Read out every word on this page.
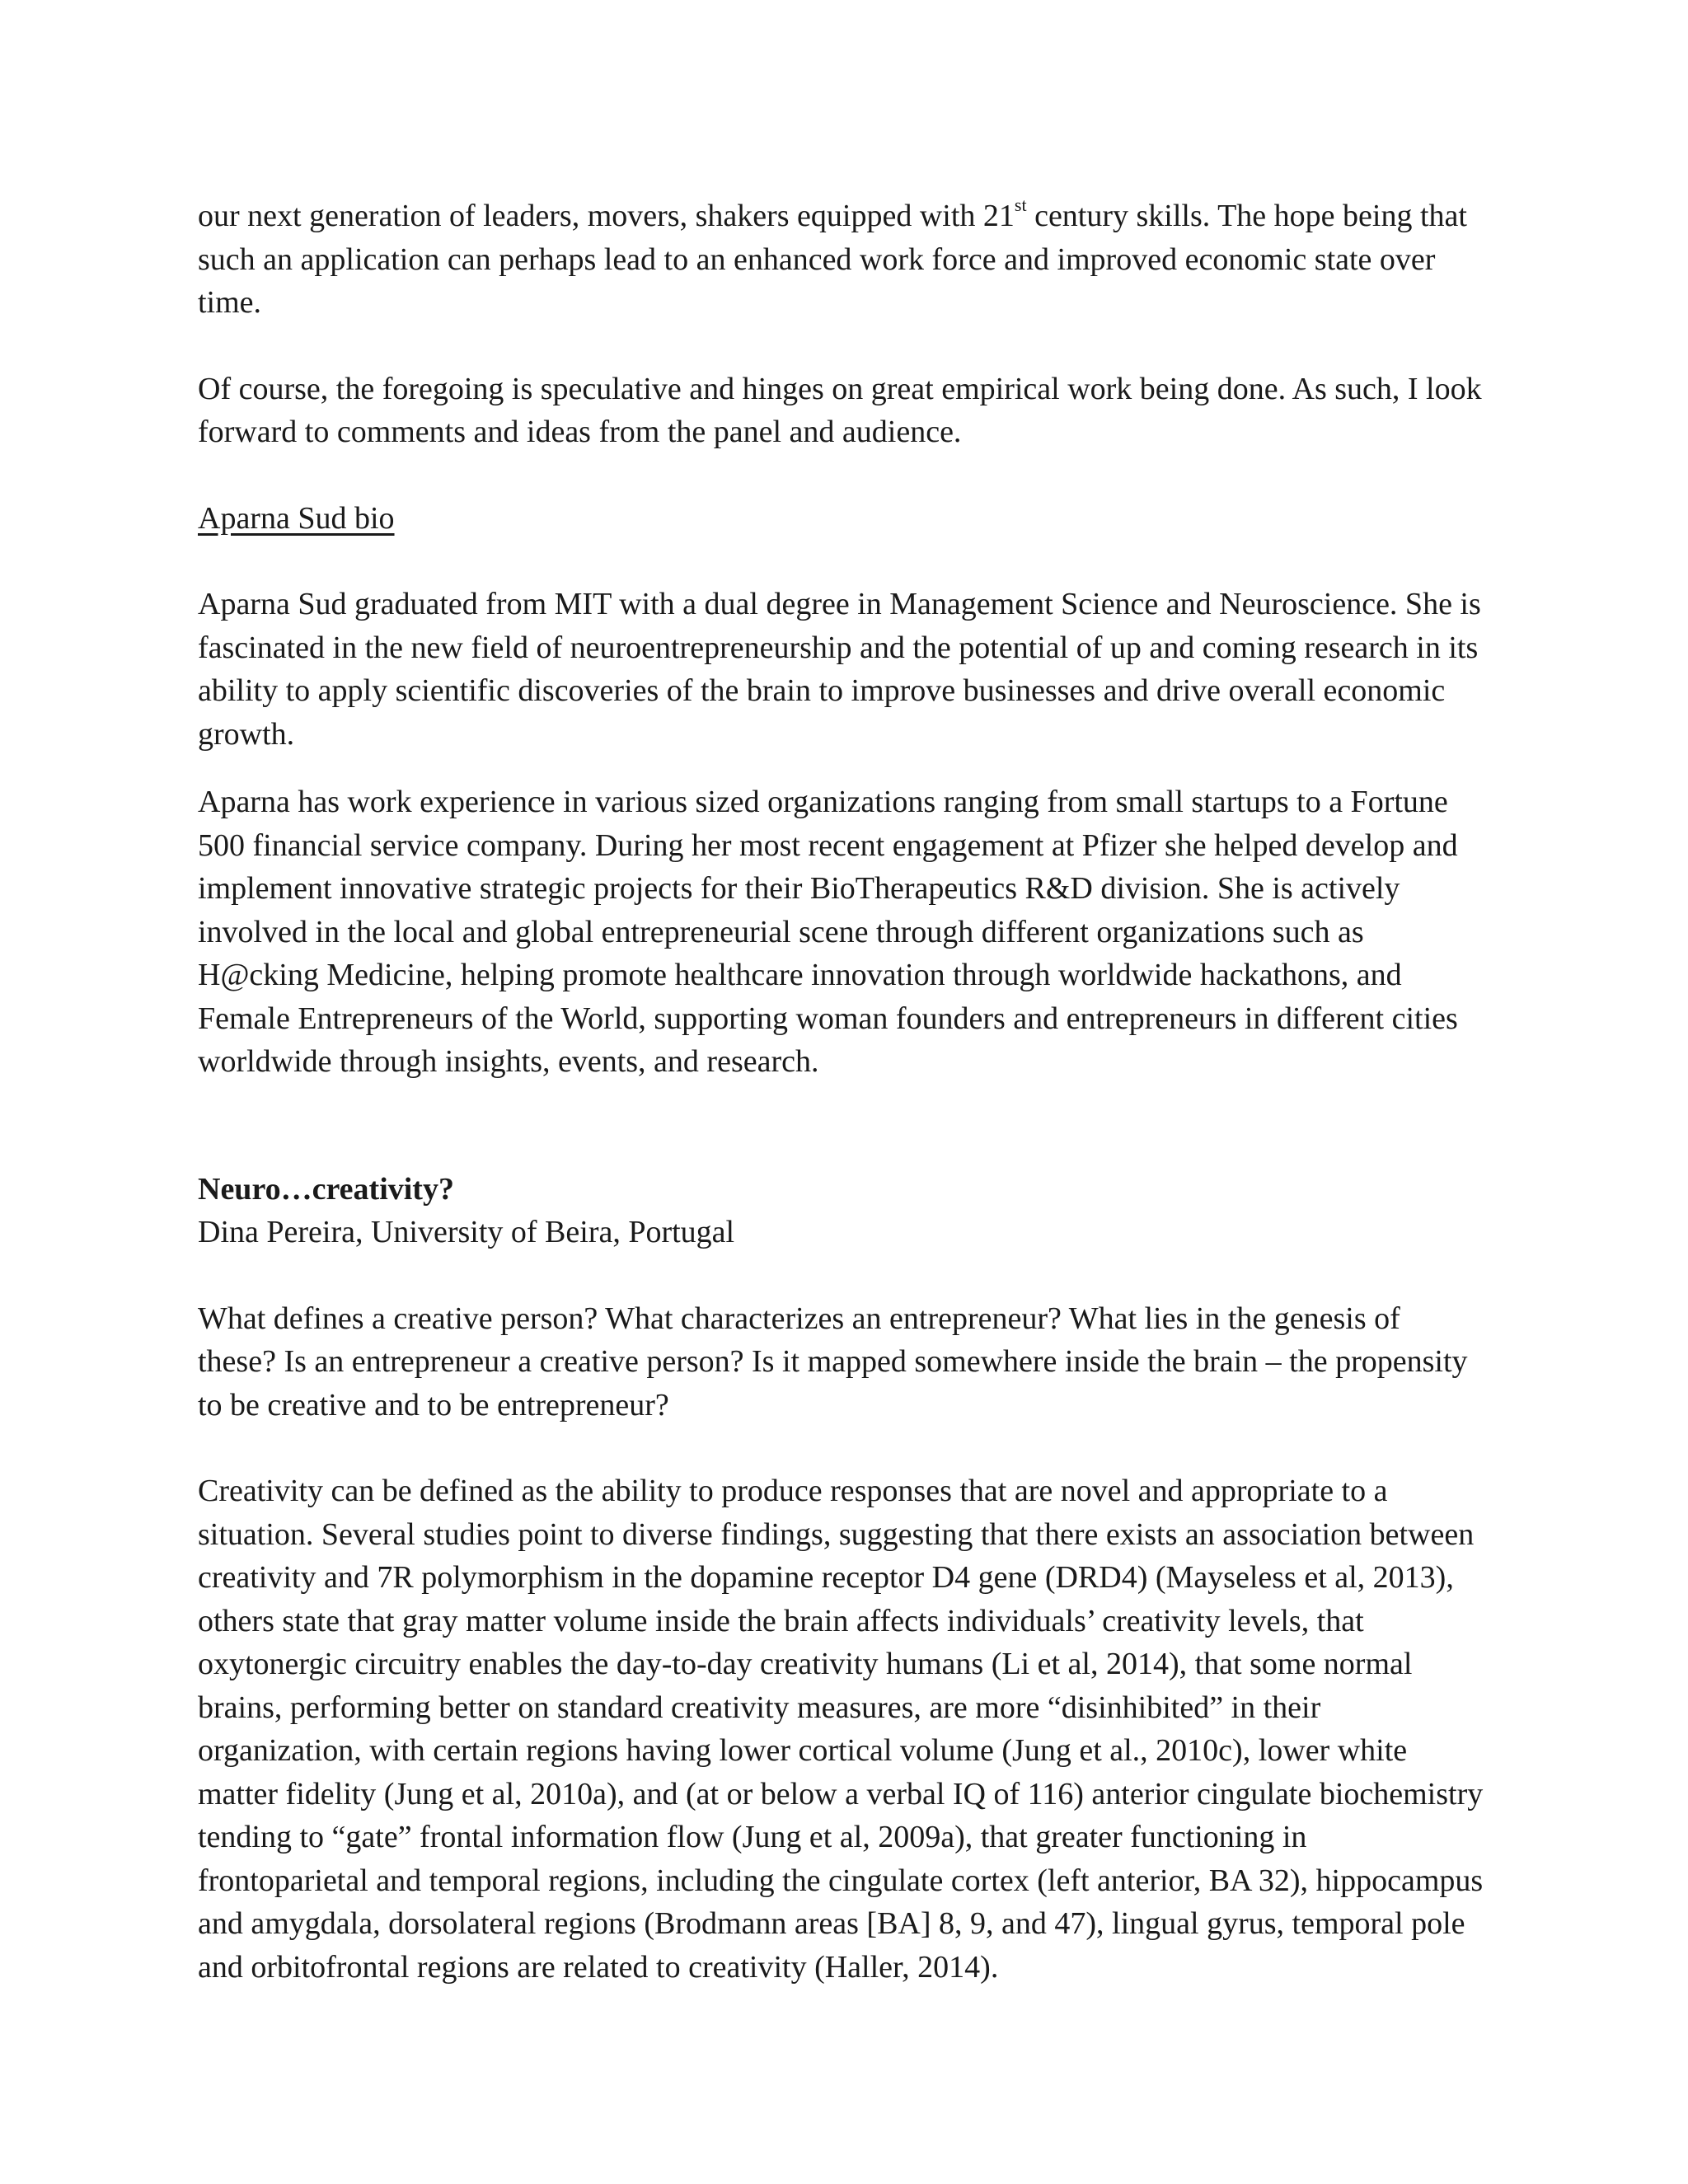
our next generation of leaders, movers, shakers equipped with 21st century skills. The hope being that such an application can perhaps lead to an enhanced work force and improved economic state over time.

Of course, the foregoing is speculative and hinges on great empirical work being done. As such, I look forward to comments and ideas from the panel and audience.

Aparna Sud bio

Aparna Sud graduated from MIT with a dual degree in Management Science and Neuroscience. She is fascinated in the new field of neuroentrepreneurship and the potential of up and coming research in its ability to apply scientific discoveries of the brain to improve businesses and drive overall economic growth.

Aparna has work experience in various sized organizations ranging from small startups to a Fortune 500 financial service company. During her most recent engagement at Pfizer she helped develop and implement innovative strategic projects for their BioTherapeutics R&D division. She is actively involved in the local and global entrepreneurial scene through different organizations such as H@cking Medicine, helping promote healthcare innovation through worldwide hackathons, and Female Entrepreneurs of the World, supporting woman founders and entrepreneurs in different cities worldwide through insights, events, and research.

Neuro…creativity?

Dina Pereira, University of Beira, Portugal

What defines a creative person? What characterizes an entrepreneur? What lies in the genesis of these? Is an entrepreneur a creative person? Is it mapped somewhere inside the brain – the propensity to be creative and to be entrepreneur?

Creativity can be defined as the ability to produce responses that are novel and appropriate to a situation. Several studies point to diverse findings, suggesting that there exists an association between creativity and 7R polymorphism in the dopamine receptor D4 gene (DRD4) (Mayseless et al, 2013), others state that gray matter volume inside the brain affects individuals’ creativity levels, that oxytonergic circuitry enables the day-to-day creativity humans (Li et al, 2014), that some normal brains, performing better on standard creativity measures, are more “disinhibited” in their organization, with certain regions having lower cortical volume (Jung et al., 2010c), lower white matter fidelity (Jung et al, 2010a), and (at or below a verbal IQ of 116) anterior cingulate biochemistry tending to “gate” frontal information flow (Jung et al, 2009a), that greater functioning in frontoparietal and temporal regions, including the cingulate cortex (left anterior, BA 32), hippocampus and amygdala, dorsolateral regions (Brodmann areas [BA] 8, 9, and 47), lingual gyrus, temporal pole and orbitofrontal regions are related to creativity (Haller, 2014).
